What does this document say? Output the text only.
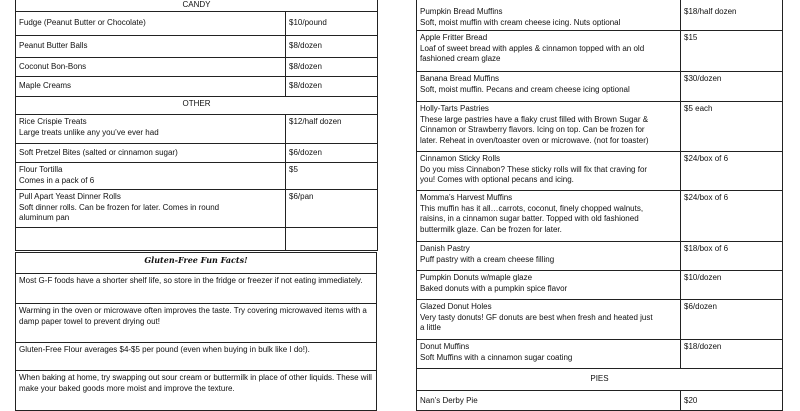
CANDY	
Fudge (Peanut Butter or Chocolate)	$10/pound
Peanut Butter Balls	$8/dozen
Coconut Bon-Bons	$8/dozen
Maple Creams	$8/dozen
OTHER	

Rice Crispie Treats
Large treats unlike any you’ve ever had	$12/half dozen
Soft Pretzel Bites (salted or cinnamon sugar)	$6/dozen

Flour Tortilla
Comes in a pack of 6	$5

Pull Apart Yeast Dinner Rolls
Soft dinner rolls. Can be frozen for later. Comes in round
aluminum pan	$6/pan

Gluten-Free Fun Facts!
Most G-F foods have a shorter shelf life, so store in the fridge or freezer if not eating immediately.
Warming in the oven or microwave often improves the taste. Try covering microwaved items with a damp paper towel to prevent drying out!
Gluten-Free Flour averages $4-$5 per pound (even when buying in bulk like I do!).
When baking at home, try swapping out sour cream or buttermilk in place of other liquids. These will make your baked goods more moist and improve the texture.
Pumpkin Bread Muffins
Soft, moist muffin with cream cheese icing. Nuts optional	$18/half dozen

Apple Fritter Bread
Loaf of sweet bread with apples & cinnamon topped with an old
fashioned cream glaze	$15

Banana Bread Muffins
Soft, moist muffin. Pecans and cream cheese icing optional	$30/dozen

Holly-Tarts Pastries
These large pastries have a flaky crust filled with Brown Sugar &
Cinnamon or Strawberry flavors. Icing on top. Can be frozen for
later. Reheat in oven/toaster oven or microwave. (not for toaster)	$5 each

Cinnamon Sticky Rolls
Do you miss Cinnabon? These sticky rolls will fix that craving for
you! Comes with optional pecans and icing.	$24/box of 6

Momma’s Harvest Muffins
This muffin has it all…carrots, coconut, finely chopped walnuts,
raisins, in a cinnamon sugar batter. Topped with old fashioned
buttermilk glaze. Can be frozen for later.	$24/box of 6

Danish Pastry
Puff pastry with a cream cheese filling	$18/box of 6

Pumpkin Donuts w/maple glaze
Baked donuts with a pumpkin spice flavor	$10/dozen

Glazed Donut Holes
Very tasty donuts! GF donuts are best when fresh and heated just
a little	$6/dozen

Donut Muffins
Soft Muffins with a cinnamon sugar coating	$18/dozen
PIES	
Nan’s Derby Pie	$20
